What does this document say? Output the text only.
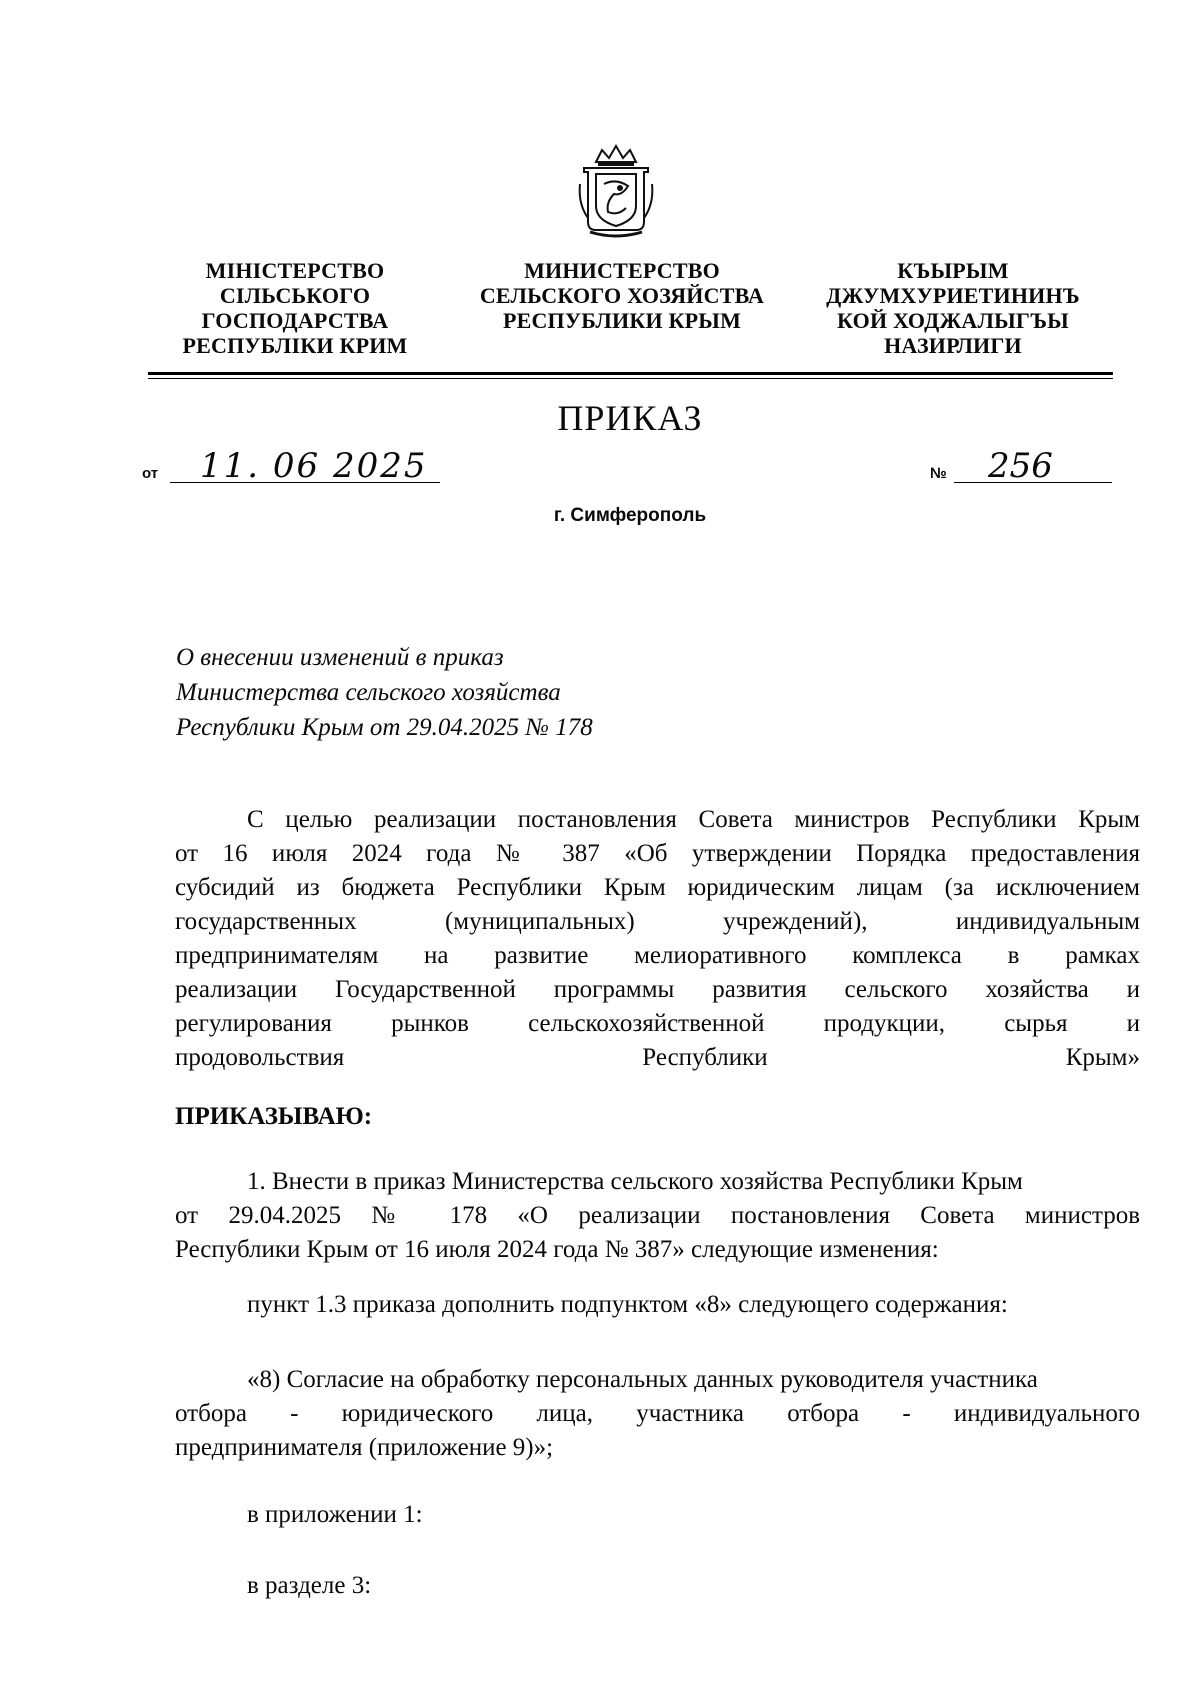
МІНІСТЕРСТВО
СІЛЬСЬКОГО
ГОСПОДАРСТВА
РЕСПУБЛІКИ КРИМ
МИНИСТЕРСТВО
СЕЛЬСКОГО ХОЗЯЙСТВА
РЕСПУБЛИКИ КРЫМ
КЪЫРЫМ
ДЖУМХУРИЕТИНИНЪ
КОЙ ХОДЖАЛЫГЪЫ
НАЗИРЛИГИ
ПРИКАЗ
от 11. 06 2025	№ 256
г. Симферополь
О внесении изменений в приказ
Министерства сельского хозяйства
Республики Крым от 29.04.2025 № 178
С целью реализации постановления Совета министров Республики Крым
от 16 июля 2024 года № 387 «Об утверждении Порядка предоставления
субсидий из бюджета Республики Крым юридическим лицам (за исключением
государственных (муниципальных) учреждений), индивидуальным
предпринимателям на развитие мелиоративного комплекса в рамках
реализации Государственной программы развития сельского хозяйства и
регулирования рынков сельскохозяйственной продукции, сырья и
продовольствия Республики Крым»
ПРИКАЗЫВАЮ:
1. Внести в приказ Министерства сельского хозяйства Республики Крым
от 29.04.2025 № 178 «О реализации постановления Совета министров
Республики Крым от 16 июля 2024 года № 387» следующие изменения:
пункт 1.3 приказа дополнить подпунктом «8» следующего содержания:
«8) Согласие на обработку персональных данных руководителя участника
отбора - юридического лица, участника отбора - индивидуального
предпринимателя (приложение 9)»;
в приложении 1:
в разделе 3:
